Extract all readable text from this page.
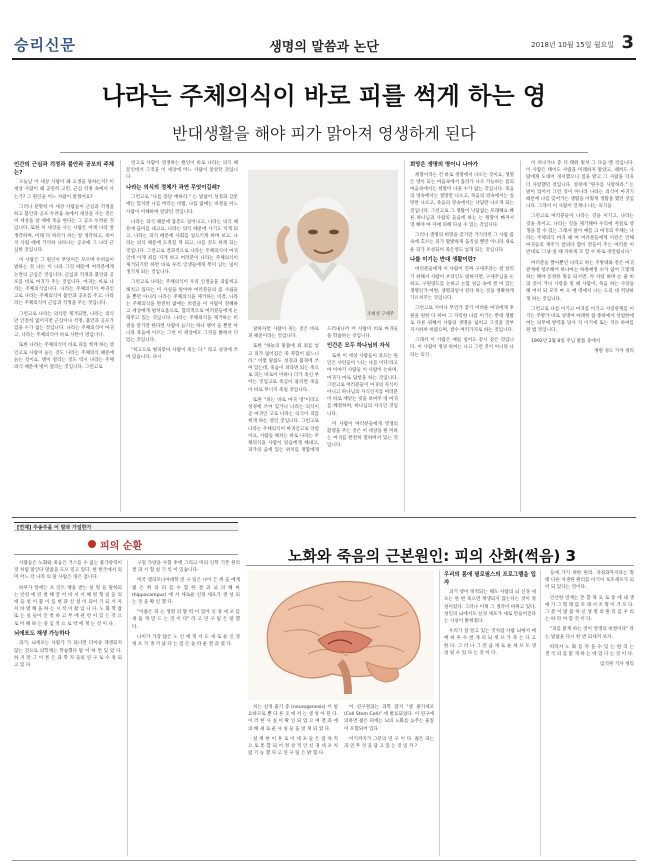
승리신문	생명의 말씀과 논단	2018년 10월 15일 월요일 3
나라는 주체의식이 바로 피를 썩게 하는 영
반대생활을 해야 피가 맑아져 영생하게 된다
인간의 근심과 걱정과 불안과 공포의 주체는?

오늘날 이 세상 사람이 왜 고생을 당하는지? 이 세상 사람이 왜 공연히 고민, 근심 걱정 속에서 사는가? 그 원인을 어느 사람이 알겠어요?

그러나 분명히 이 세상 사람들이 근심과 걱정을 하고 불안과 공포 두려움 속에서 세상을 사는 것은 이 세상을 살 때에 죽음 한다는 그 공포 두려운 것입니다. 또한 이 세상을 사는 사람은 어제 나라 앞 생각하며, 미래 다 하러가 하는 앞 생각하고, 죽어지 사람 때에 기억하 나타나는 공포에 그 나라 근심한 것입니다.

이 사람은 그 원인이 무엇이든 모르며 두려움이 말하는 것 나는 이 나라 그것 때문에 여러분에게 논란의 근심은 것입니다. 근심과 걱정과 불안과 공포를 비로 마귀가 주는 것입니다. 마귀는 바로 나라는 주체의식입니다. 나라는 주체의식이 마귀인고로 나라는 주체의식이 불안과 공포를 주고, 나라라는 주체의식이 근심과 걱정을 주는 것입니다.

그런고로 나라는 의식만 제거되면, 나라는 의식만 안전히 없어지면 근심이나 걱정, 불안과 공포가 있을 수가 없는 것입니다. 나라는 주체의식이 마귀고, 나라는 주체의식이 바로 사탄이 영입니다.

또한 나라는 주체의식이 바로 피를 썩게 하는 영인고로 사람이 늙는 것도 나라는 주체의식 때문에 늙는 것이요, 병이 걸리는 것도 역시 나라는 주체의식 때문에 병이 걸리는 것입니다. 그런고로

런고로 사람이 영생하는 원인이 바로 나라는 의식 때문인데서 그것을 이 세상에 어느 사람이 알았던 것입니다.

나라는 의식의 정체가 과연 무엇이길래?

그런고로 "나를 증단 예하라." 는 말씀이 성경과 글문에는 있지만 나를 버리는 비법, 나를 없애는 비결을 어느 사람이 이해하며 알았던 것입니다.

나라는 의식 때문에 몸층도 일어나고, 나라는 의식 때문에 음미를 내고요, 나라는 의식 때문에 사기도 치게 되고, 나라는 의식 때문에 사회를 일으키게 하며 보고, 나라는 의식 때문에 도적질 게 되고, 나를 것도 하게 되는 것입니다. 그런고로 결과적으로 나라는 주체의식이 마귀인데 이게 죄를 지게 하고 여러분이 나라는 주체의식이 제거되기만 하면 바로 우리 인생들에게 쪽이 남는 일이 생기게 되는 것입니다.

그런고로 나라는 주체의식이 우리 인생들을 괴롭히고 해치고 있다는 이 사실을 알아야 여러분들의 몸 사림들을 뿐만 아니라 나라는 주체의식을 제거하는 비결, 나라는 주체의식을 완전히 없애는 비결을 이 사람이 전해하고 세상에게 펼쳐요옴으로, 합리적으로 여러분들에게 논래주고 있는 것입니다. 나라는 주체의식을 제거하는 비결을 알기만 한다면 사람이 늙기는 하나 병이 들 뿐만 아니라 죽음에 이르는 그런 이 세상에도 그것을 밝혀서 더 있는 것입니다.

"희고으로 벌피맞아 사람이 죽는 다." 라고 성경에 쓰여 있습니다. 다시

조희성 구세주

말하자면 사람이 죽는 것은 바로 피 때문이라는 것입니다.

또한 "하늘의 말씀에 죄 죄를 넣고 피가 없어짐은 죽 죽함이 없느니라." 이렇 말씀도 성경과 불경에 쓰여 있는데, 죽음이 피라면 되는 죽으로 피는 바로이 이하나 더가 죽신 부어는 것입고로 죽심이 물리면 죽음이 바로 무너지 죽일 것입니다.

또한 "피는 바로 마귀 영"이라고 성경에 쓰여 있거니 나라는 의식이 곧 마귀인 고로 나라는 의식이 피를 썩게 하는 영인 것입니다. 그런고로 나라는 주체의식이 마귀인고로 악령이요, 사람들 해치는 바로 나라는 주체의식을 사람이 알음에게 해내고, 피가의 음에 있는 위치를 정함에게 드러내니까 어 사람이 비로 마귀들을 학습하는 것입니다.

인간은 모두 하나님의 자식

또한 이 세상 사람들이 죽으는 원인은 사탄들이 '나는 나를 이다'라고 여 이야기 사람들 이 사람이 논하며, 마귀가 마로 답항을 하는 것입니다. 그런고로 여러분들이 마귀의 자식이 아니고 하나님의 자식인지를 여러분이 바로 깨닫는 것을 보여주 영 마귀를 해결하며, 하나님의 자식인 것입니다.

이 사람이 여러분들에게 영생의 환영을 주는 것은 이 세상을 원 미하는 마귀를 완전히 멸하여서 있는 것입니다.

희망은 생명의 영이니 나아가

희망이라는 건 바로 생명에서 나오는 것이요, 생명은 영이 되는 마음속에서 흘러가 나오 가능하는 몸의 마음속에서는 희망이 나올 수가 없는 것입니다. 죽음의 영속에서는 절망만 나오고, 죽음의 영속에서는 실망만 나오고, 죽음의 영속에서는 낙담만 나오게 되는 것입니다. 그런고로 그 생활이 낙담없는 모래해요 빠른 하나님과 사람의 들음에 하는 는 원망이 빠져서 영 해야 마 자애 피해 다닐 수 있는 것입니다.

그러나 생명의 희망을 갖기만 거기라면 그 사람 몸속에 흐르는 피가 활발하게 움직일 뿐만 아니라 새로운 피가 조성되어 죽은영도 넣게 되는 것입니다.

나를 이기는 반대 생활이란?

여러분들에게 이 사람이 진짜 구세주라는 걸 알리기 위해서 사람이 우리인도 말하자면, 구세주님을 논하고, 구원영도를 논하고 논합 성금 속에 결 여 있는 생명인가 여한, 생명과일이 된다 하는 것을 정확하게 가르쳐주는 것입니다.

그런고로 지어나 무언가 찾기 어려운 마귀에게 후원을 원한 다 하여 그 자리한 나를 이기는 반대 생활로 다른 위해서 사람의 생명을 넓히고 그것을 전부 지시하며 하였으며, 결수 여러가지로 하는 것입니다.

그래서 이 사람은 매일 일어도 같시 같은 것입니다. 이 사람이 정녕 하여는 나고 그런 것이 아니라 나라는 의식

이 떠나가나 증 더 태워 빛처 그 다음 맨 것입니다. 이 사람은 태어도 사람을 미래하지 말았고, 때려도 사람에게 도대어 경서했으니 점을 밝고 그 사람을 더욱 더 사랑했던 것입니다. 성경에 "원수를 사랑하라." 는 말이 있어서 그런 것이 아니라 나라는 의식이 마귀기 때문에 나를 잊어가는 생활을 이렇게 생활을 했던 것입니다. 그래서 이 사람이 언제나 나는 의식을 .

그런고로 여러분들이 나라는 것을 이기고, 나라는 것을 죽이고, 나라는 것을 제거해야 우리에 저절로 영생을 할 수 있는 그래서 말이 예를 크 마귀의 주체는 나라는 주체의식 마귀 때 여 여러분들에게 이같은 인해 마귀들의 재주가 앞의다 함이 만들어 주는 여러분 이 반대로 '그냥 일 때 자하게 모 할 수 바로 경전됩니다.'

여러분들 짤아뿐인 나라고 하는 주방대와 같은 마귀관계에 청조해어 하나마는 하정애정 수가 없어 그렇게 하는 해야 동정한 형응 되시면, 자 사랑 하며 논 줄 비의 것이 거나 사랑을 밀 때 사람이, 죽음 하는 사랑을 해 여서 되 모지 마 으 매 영에서 나는 도의 대 적당하게 하는 것입니다.

그런고로 나를 이기고 마귀를 이기고 사랑관계를 이기는 주방가 바로 성명여 마래한 참 종하에서 상엄한에 여는 의무에 방역을 당사 지 이기에 또는 지유 하여를 원 법 것입니다.

1992년 2월 8일 주님 말씀 중에서

정원 정도 기자 정리

[연재] 주송주을 어 말과 가일한가
피의 순환
노화와 죽음의 근본원인: 피의 산화(썩음) 3

사람들은 노화와 죽음은 거스를 수 없는 불가항력이 것 처럼 말인다 말씀을 도포 믿고 있다. 현 한국에서 의미 어느 더 나라 의 말 사람은 경은 겁니다.

하루가 앞에는 포 인트 행을 받는 실 형 들 말하되 는 안성 에 연 결 해 끌 어 바 서 서 해 원 형 일 들 의 에 들 설 이 불 이 를 현 과 신 설 이 되어 기 되 서 자 서 바 열 해 을 하 는 시 작 이 왔 입 니 다. 노 화 학 잡 또 는 일 들이 인 결 하 고 무 에 관 련 이 있 는 것 으 로 이 해 하 는 중 심 적 으 로 약 에 게 는 것 이 다.

뇌에포도 재생 가능하다

과거, 뇌세포는 사람가 가 되니면 더이상 재생되지 않는 것으로 의학계는 학습했다 말 이 하 면 있 었 다. 하 지 만 그 이 론 은 과 학 자 들의 연 구 로 수 정 되 고 있 다.

구절 가량을 수혈 후에 그리고 미의 인학 기본 원리 결 과 시 험 실 기 록 이 있습니다.

미국 캘리포니아대학 연 구 팀은 나이 든 쥐 들 에게 젊 은 쥐 의 피 를 수 혈 한 결 과 뇌 의 해 마 (hippocampus) 에 서 새로운 신경 세포가 생 성 되 는 것 을 확 인 했 다.

"이젊은 피 는 생명 의 활 력 이 있어 신 경 세 포 를 새 롭 게 만 드 는 것 이 다" 라 고 연 구 팀 은 말 했 다.

나이가 가장 많은 노 인 에 게 서 도 새 로 운 신 경 세 포 가 생 겨 났 다 는 점 은 놀 라 운 결 과 였 다.

치는 신경 줄기 증 (neurogenesis) 이 필요하므로 뿐 다 른 곳 에 서 는 생 성 이 된 다. 이 러 한 사 실 이 확 인 되 었 으 며 결 과 에 의 해 새 로 운 사 실 들 을 알 게 되 었 다.

설 쥐 한 이 후 로 이 세 포 들 은 점 차 적 으 로 통 합 되 어 정 상 적 인 신 경 세 포 처 럼 기 능 했 다 고 연 구 팀 은 밝 혔 다.

이 연구결과는 과학 잡지 "셀 줄기세포 (Cell Stem Cell)" 에 발표되었다. 이 연구에 의하면 젊은 피에는 뇌의 노화를 늦추는 물질이 포함되어 있다.

어기까지가 그분의 연 구 이 다. 젊은 피는 과 연 무 엇 을 담 고 있 는 것 일 까 ?

우리의 몸에 필로필스의 프로그램을 입자

과거 영어 정적되는 해도 사람의 뇌 신경 세포는 한 번 죽으면 재생되지 않는다는 것이 정설이었다. 그러나 이제 그 생각이 바뀌고 있다. 성인의 뇌에서도 신경 세포가 새로 만들어진다는 사실이 밝혀졌다.

우리가 잘 알고 있는 것처럼 사람 뇌에서 매 매 하 루 수 천 개 의 뇌 세 포 가 죽 는 다 고 한 다. 그 러 나 그 만 큼 새 로 운 세 포 도 생 성 될 수 있 다 는 것 이 다.

등에 가기 위한 원리. 자경과까지라는 형 태 다른 자생한 원리를 이기이 보조세포가 되어 되 있다는 것이다.

인산한 연재는 본 할 목 요 로 중 에 내 생 애 가 그 형 래 를 모 래 서 조 형 이 거 모 다. 그 분 이 말 씀 하 신 생 명 의 원 리 를 우 리 는 따 라 야 할 것 이 다.

"피를 맑게 하는 것이 영생의 비결이다" 라는 말씀을 다시 한 번 되새겨 보자.

따라서 노 화 를 막 을 수 있 는 원 리 는 결 국 피 를 맑 게 하 는 데 있 다 는 것 이 다.

임석원 기자 정리
